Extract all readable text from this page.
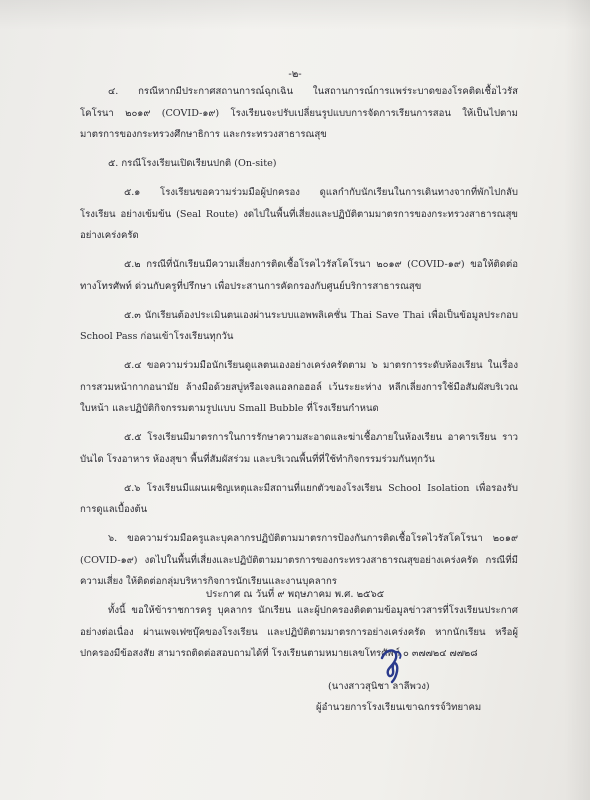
-๒-

๔. กรณีหากมีประกาศสถานการณ์ฉุกเฉิน ในสถานการณ์การแพร่ระบาดของโรคติดเชื้อไวรัสโคโรนา ๒๐๑๙ (COVID-๑๙) โรงเรียนจะปรับเปลี่ยนรูปแบบการจัดการเรียนการสอน ให้เป็นไปตามมาตรการของกระทรวงศึกษาธิการ และกระทรวงสาธารณสุข

๕. กรณีโรงเรียนเปิดเรียนปกติ (On-site)

๕.๑ โรงเรียนขอความร่วมมือผู้ปกครอง ดูแลกำกับนักเรียนในการเดินทางจากที่พักไปกลับโรงเรียน อย่างเข้มข้น (Seal Route) งดไปในพื้นที่เสี่ยงและปฏิบัติตามมาตรการของกระทรวงสาธารณสุขอย่างเคร่งครัด

๕.๒ กรณีที่นักเรียนมีความเสี่ยงการติดเชื้อโรคไวรัสโคโรนา ๒๐๑๙ (COVID-๑๙) ขอให้ติดต่อ ทางโทรศัพท์ ด่วนกับครูที่ปรึกษา เพื่อประสานการคัดกรองกับศูนย์บริการสาธารณสุข

๕.๓ นักเรียนต้องประเมินตนเองผ่านระบบแอพพลิเคชั่น Thai Save Thai เพื่อเป็นข้อมูลประกอบ School Pass ก่อนเข้าโรงเรียนทุกวัน

๕.๔ ขอความร่วมมือนักเรียนดูแลตนเองอย่างเคร่งครัดตาม ๖ มาตรการระดับห้องเรียน ในเรื่องการสวมหน้ากากอนามัย ล้างมือด้วยสบู่หรือเจลแอลกอฮอล์ เว้นระยะห่าง หลีกเลี่ยงการใช้มือสัมผัสบริเวณใบหน้า และปฏิบัติกิจกรรมตามรูปแบบ Small Bubble ที่โรงเรียนกำหนด

๕.๕ โรงเรียนมีมาตรการในการรักษาความสะอาดและฆ่าเชื้อภายในห้องเรียน อาคารเรียน ราวบันได โรงอาหาร ห้องสุขา พื้นที่สัมผัสร่วม และบริเวณพื้นที่ที่ใช้ทำกิจกรรมร่วมกันทุกวัน

๕.๖ โรงเรียนมีแผนเผชิญเหตุและมีสถานที่แยกตัวของโรงเรียน School Isolation เพื่อรองรับการดูแลเบื้องต้น

๖. ขอความร่วมมือครูและบุคลากรปฏิบัติตามมาตรการป้องกันการติดเชื้อโรคไวรัสโคโรนา ๒๐๑๙ (COVID-๑๙) งดไปในพื้นที่เสี่ยงและปฏิบัติตามมาตรการของกระทรวงสาธารณสุขอย่างเคร่งครัด กรณีที่มีความเสี่ยง ให้ติดต่อกลุ่มบริหารกิจการนักเรียนและงานบุคลากร

ทั้งนี้ ขอให้ข้าราชการครู บุคลากร นักเรียน และผู้ปกครองติดตามข้อมูลข่าวสารที่โรงเรียนประกาศอย่างต่อเนื่อง ผ่านเพจเฟซบุ๊คของโรงเรียน และปฏิบัติตามมาตรการอย่างเคร่งครัด หากนักเรียน หรือผู้ปกครองมีข้อสงสัย สามารถติดต่อสอบถามได้ที่ โรงเรียนตามหมายเลขโทรศัพท์ ๐ ๓๗๗๒๔ ๗๗๒๘

ประกาศ ณ วันที่ ๙ พฤษภาคม พ.ศ. ๒๕๖๕
(นางสาวสุนิชา ลาลีพวง)
ผู้อำนวยการโรงเรียนเขาฉกรรจ์วิทยาคม
